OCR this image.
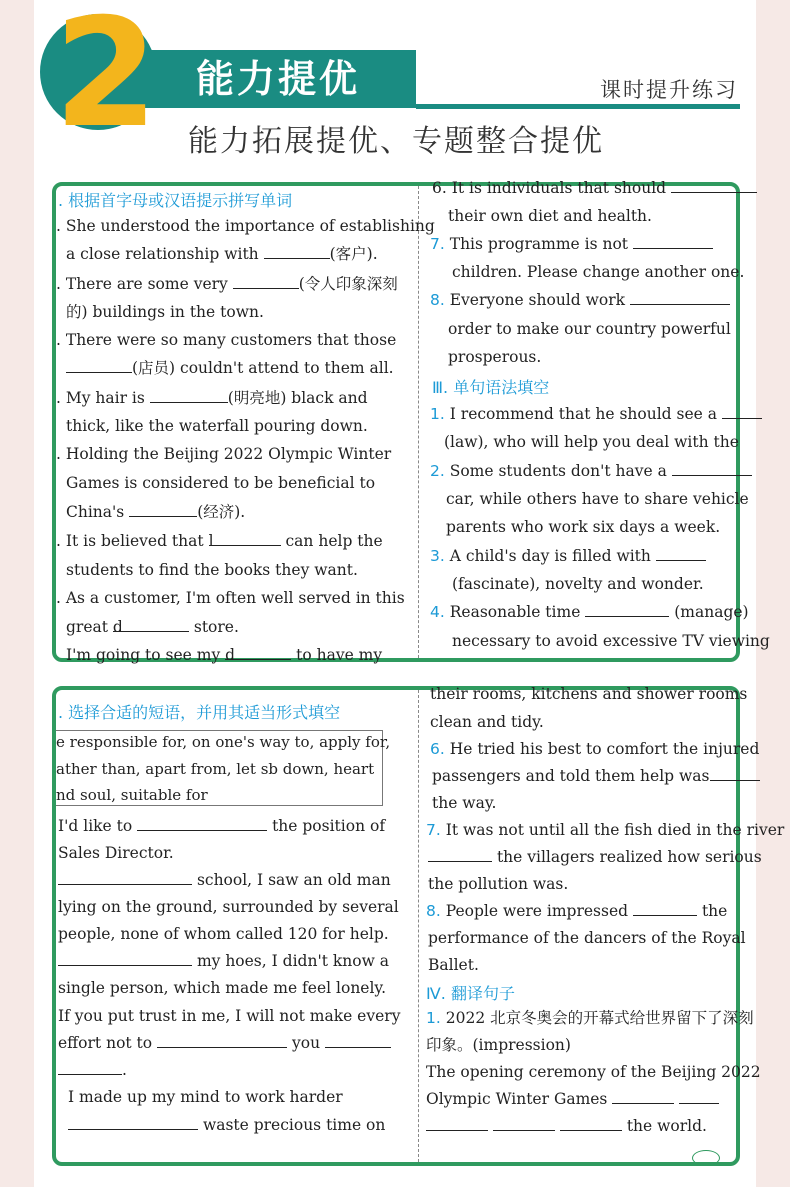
2 能力提优	课时提升练习
能力拓展提优、专题整合提优
. 根据首字母或汉语提示拼写单词
. She understood the importance of establishing
a close relationship with	(客户).
. There are some very	(令人印象深刻
的) buildings in the town.
. There were so many customers that those
(店员) couldn't attend to them all.
. My hair is	(明亮地) black and
thick, like the waterfall pouring down.
. Holding the Beijing 2022 Olympic Winter
Games is considered to be beneficial to
China's	(经济).
. It is believed that l	can help the
students to find the books they want.
. As a customer, I'm often well served in this
great d	store.
I'm going to see my d	to have my
6. It is individuals that should
their own diet and health.
7. This programme is not
children. Please change another one.
8. Everyone should work
order to make our country powerful
prosperous.
Ⅲ. 单句语法填空
1. I recommend that he should see a
(law), who will help you deal with the
2. Some students don't have a
car, while others have to share vehicle
parents who work six days a week.
3. A child's day is filled with
(fascinate), novelty and wonder.
4. Reasonable time	(manage)
necessary to avoid excessive TV viewing
. 选择合适的短语，并用其适当形式填空
e responsible for, on one's way to, apply for,
ather than, apart from, let sb down, heart
nd soul, suitable for
I'd like to	the position of
Sales Director.
school, I saw an old man
lying on the ground, surrounded by several
people, none of whom called 120 for help.
my hoes, I didn't know a
single person, which made me feel lonely.
If you put trust in me, I will not make every
effort not to	you
.
I made up my mind to work harder
waste precious time on
their rooms, kitchens and shower rooms
clean and tidy.
6. He tried his best to comfort the injured
passengers and told them help was
the way.
7. It was not until all the fish died in the river
the villagers realized how serious
the pollution was.
8. People were impressed	the
performance of the dancers of the Royal
Ballet.
Ⅳ. 翻译句子
1. 2022 北京冬奥会的开幕式给世界留下了深刻
印象。(impression)
The opening ceremony of the Beijing 2022
Olympic Winter Games
the world.
